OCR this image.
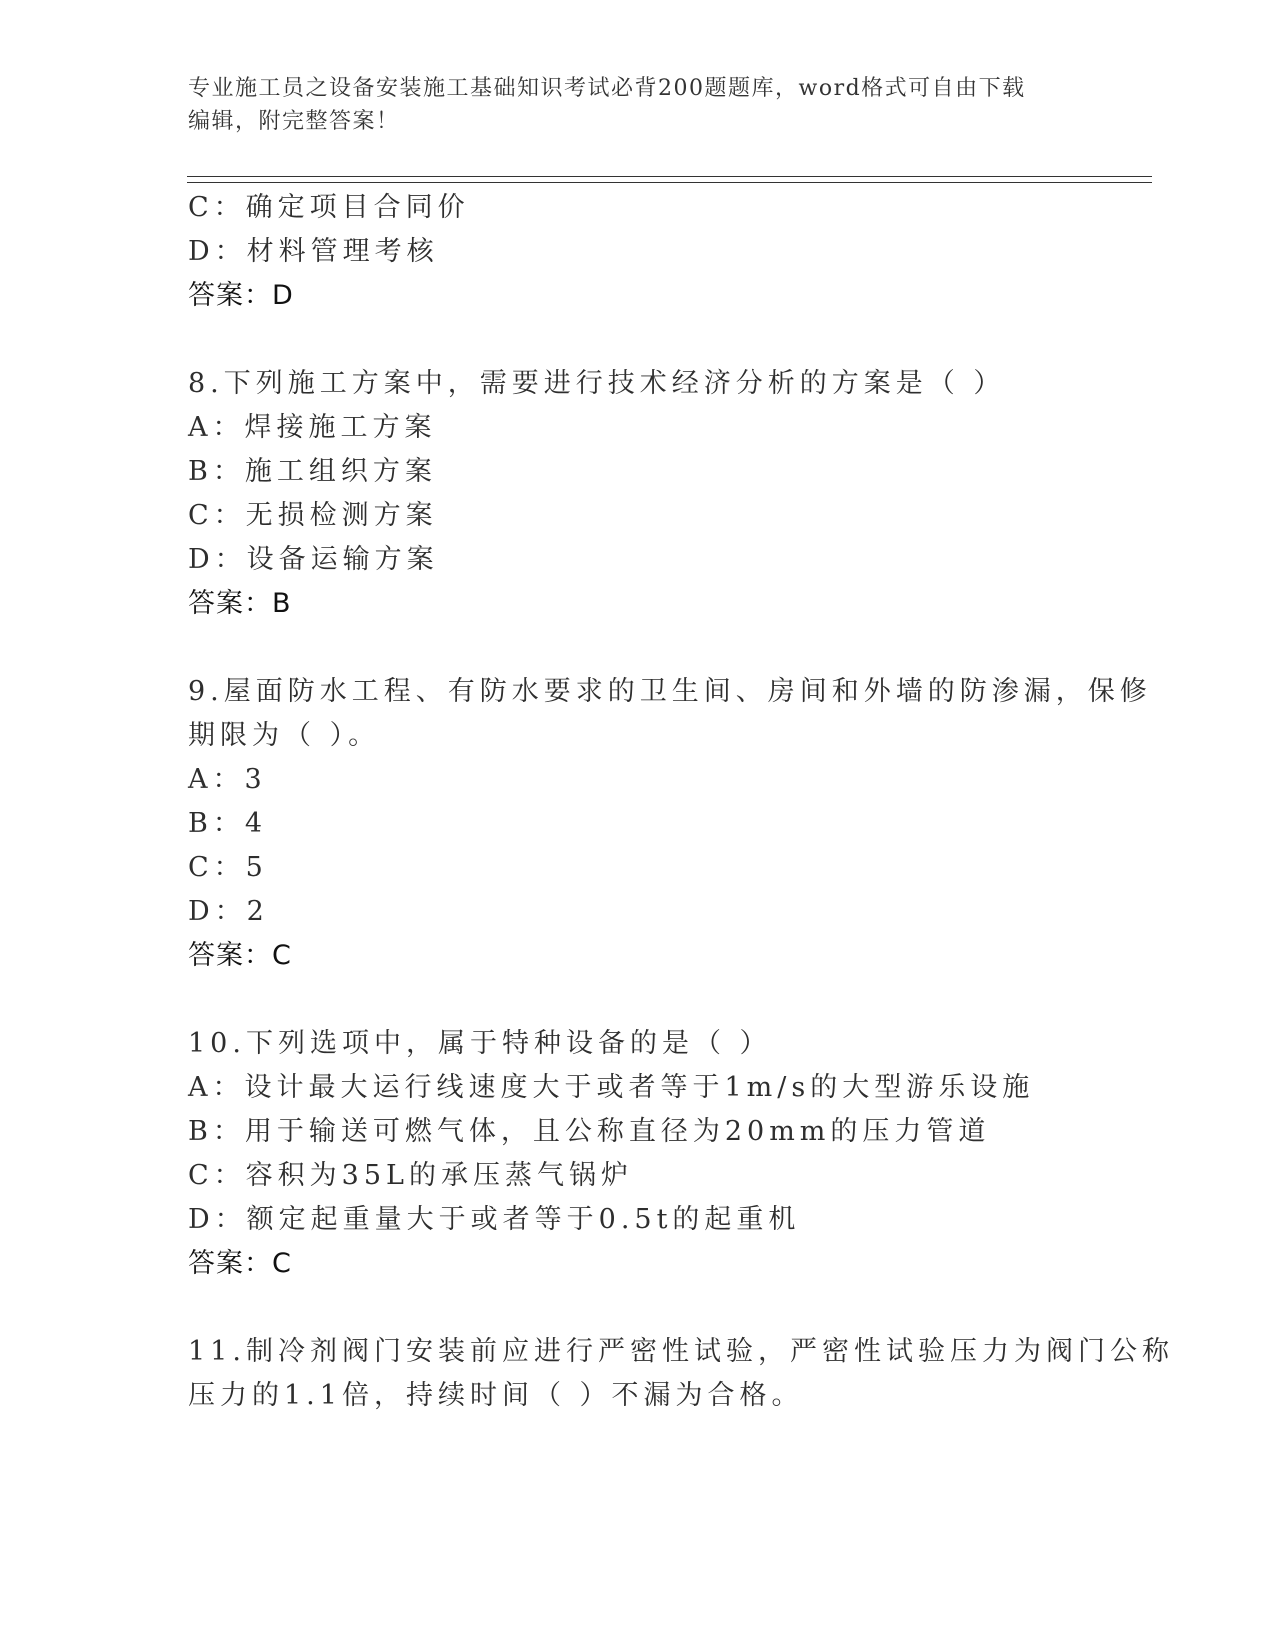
专业施工员之设备安装施工基础知识考试必背200题题库，word格式可自由下载
编辑，附完整答案！
C：确定项目合同价
D：材料管理考核
答案：D
8.下列施工方案中，需要进行技术经济分析的方案是（ ）
A：焊接施工方案
B：施工组织方案
C：无损检测方案
D：设备运输方案
答案：B
9.屋面防水工程、有防水要求的卫生间、房间和外墙的防渗漏，保修
期限为（ ）。
A：3
B：4
C：5
D：2
答案：C
10.下列选项中，属于特种设备的是（ ）
A：设计最大运行线速度大于或者等于1m/s的大型游乐设施
B：用于输送可燃气体，且公称直径为20mm的压力管道
C：容积为35L的承压蒸气锅炉
D：额定起重量大于或者等于0.5t的起重机
答案：C
11.制冷剂阀门安装前应进行严密性试验，严密性试验压力为阀门公称
压力的1.1倍，持续时间（ ）不漏为合格。
